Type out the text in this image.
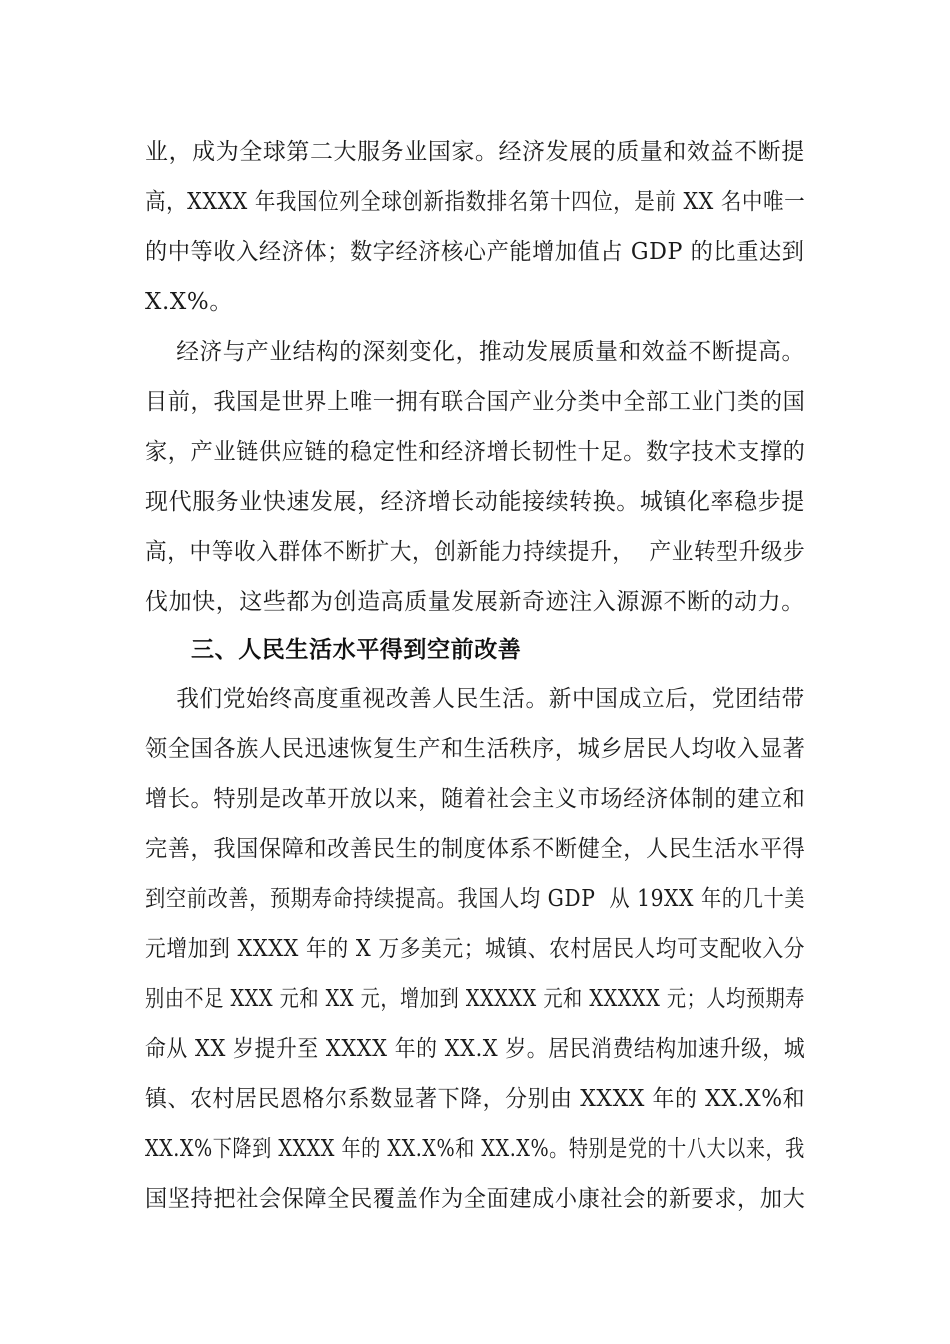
业，成为全球第二大服务业国家。经济发展的质量和效益不断提
高，XXXX 年我国位列全球创新指数排名第十四位，是前 XX 名中唯一
的中等收入经济体；数字经济核心产能增加值占 GDP 的比重达到
X.X%。
经济与产业结构的深刻变化，推动发展质量和效益不断提高。
目前，我国是世界上唯一拥有联合国产业分类中全部工业门类的国
家，产业链供应链的稳定性和经济增长韧性十足。数字技术支撑的
现代服务业快速发展，经济增长动能接续转换。城镇化率稳步提
高，中等收入群体不断扩大，创新能力持续提升，  产业转型升级步
伐加快，这些都为创造高质量发展新奇迹注入源源不断的动力。
三、人民生活水平得到空前改善
我们党始终高度重视改善人民生活。新中国成立后，党团结带
领全国各族人民迅速恢复生产和生活秩序，城乡居民人均收入显著
增长。特别是改革开放以来，随着社会主义市场经济体制的建立和
完善，我国保障和改善民生的制度体系不断健全，人民生活水平得
到空前改善，预期寿命持续提高。我国人均 GDP  从 19XX 年的几十美
元增加到 XXXX 年的 X 万多美元；城镇、农村居民人均可支配收入分
别由不足 XXX 元和 XX 元，增加到 XXXXX 元和 XXXXX 元；人均预期寿
命从 XX 岁提升至 XXXX 年的 XX.X 岁。居民消费结构加速升级，城
镇、农村居民恩格尔系数显著下降，分别由 XXXX 年的 XX.X%和
XX.X%下降到 XXXX 年的 XX.X%和 XX.X%。特别是党的十八大以来，我
国坚持把社会保障全民覆盖作为全面建成小康社会的新要求，加大
